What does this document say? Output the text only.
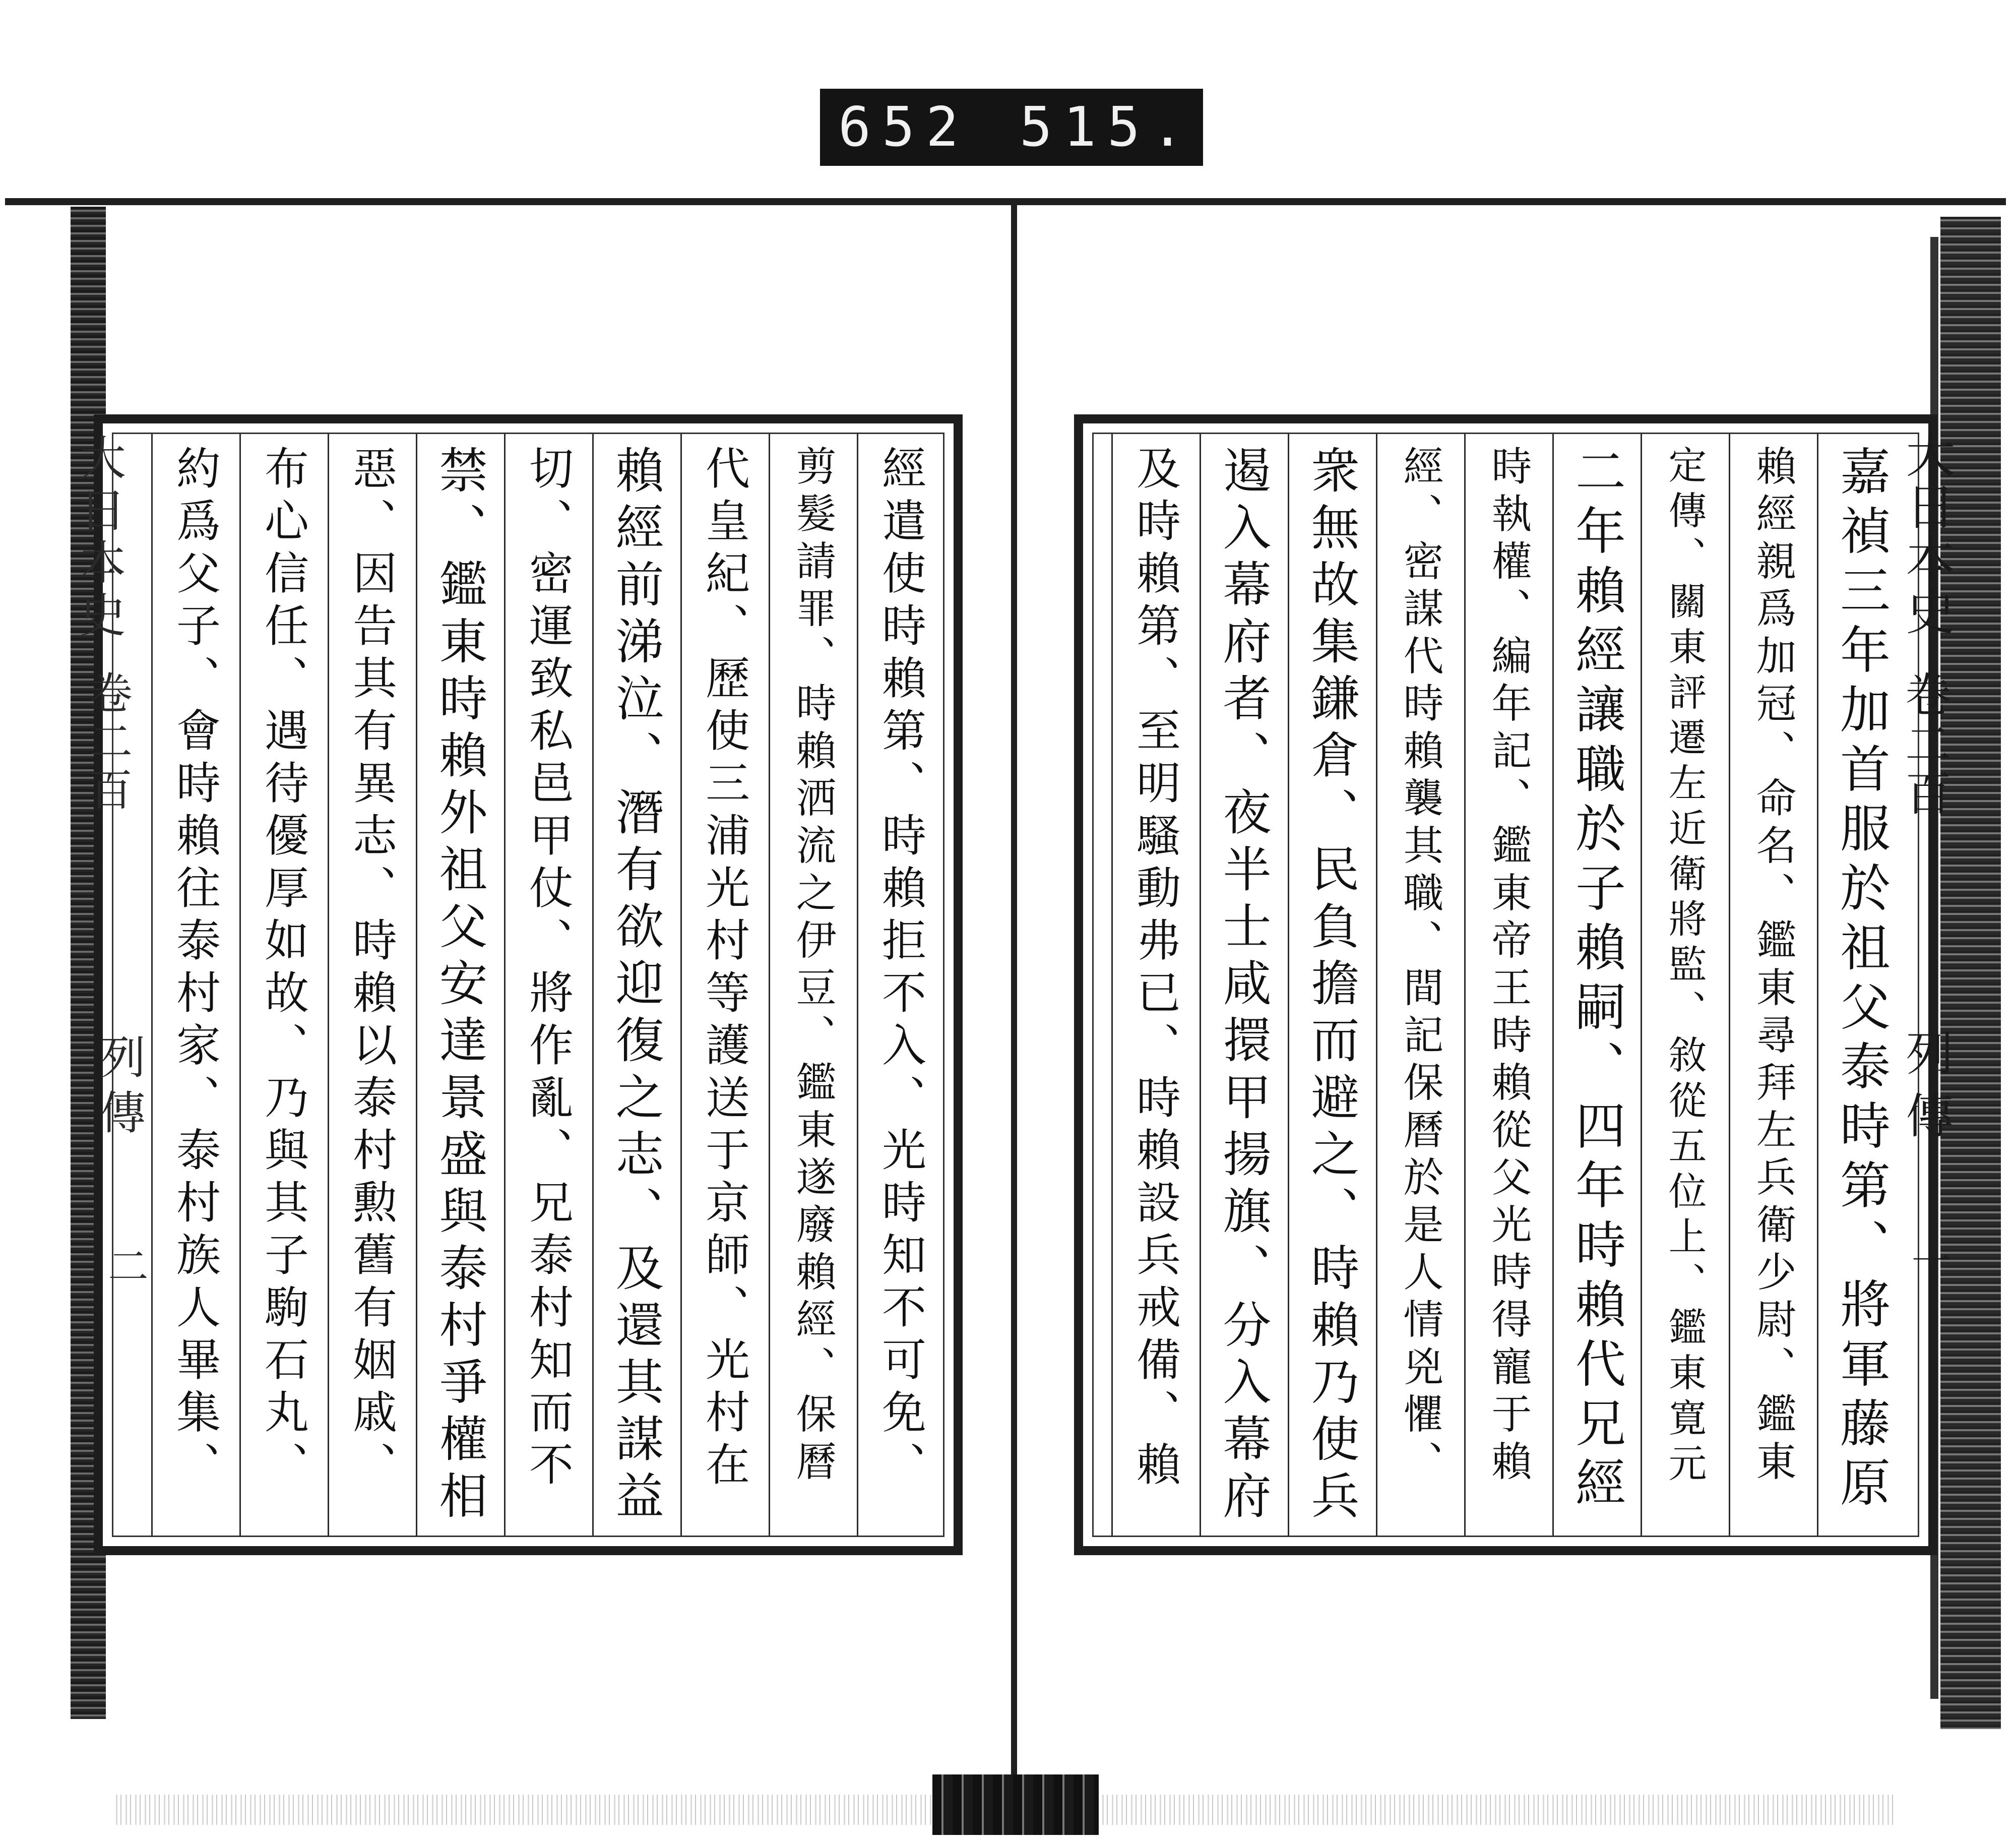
652 515.
經遣使時賴第、時賴拒不入、光時知不可免、
剪髮請罪、時賴洒流之伊豆、鑑東遂廢賴經、保曆
代皇紀、歷使三浦光村等護送于京師、光村在
賴經前涕泣、潛有欲迎復之志、及還其謀益
切、密運致私邑甲仗、將作亂、兄泰村知而不
禁、鑑東時賴外祖父安達景盛與泰村爭權相
惡、因告其有異志、時賴以泰村勲舊有姻戚、
布心信任、遇待優厚如故、乃與其子駒石丸、
約爲父子、會時賴往泰村家、泰村族人畢集、
大日本史
卷二百
列傳
二	嘉禎三年加首服於祖父泰時第、將軍藤原
賴經親爲加冠、命名、鑑東尋拜左兵衛少尉、鑑東
定傳、關東評遷左近衛將監、敘從五位上、鑑東寛元
二年賴經讓職於子賴嗣、四年時賴代兄經
時執權、編年記、鑑東帝王時賴從父光時得寵于賴
經、密謀代時賴襲其職、間記保曆於是人情兇懼、
衆無故集鎌倉、民負擔而避之、時賴乃使兵
遏入幕府者、夜半士咸擐甲揚旗、分入幕府
及時賴第、至明騷動弗已、時賴設兵戒備、賴	大日本史
卷二百
列傳
一
